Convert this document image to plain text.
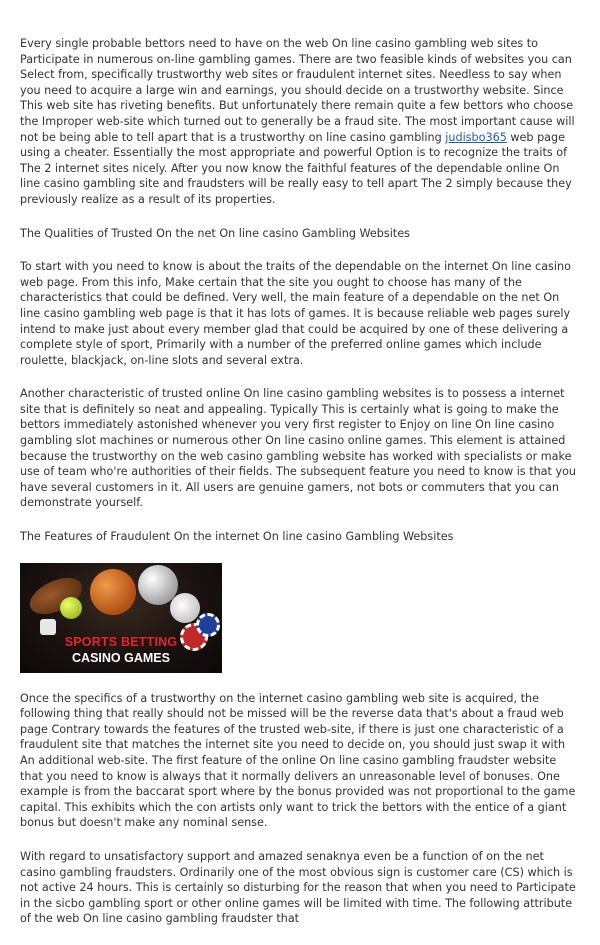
Every single probable bettors need to have on the web On line casino gambling web sites to Participate in numerous on-line gambling games. There are two feasible kinds of websites you can Select from, specifically trustworthy web sites or fraudulent internet sites. Needless to say when you need to acquire a large win and earnings, you should decide on a trustworthy website. Since This web site has riveting benefits. But unfortunately there remain quite a few bettors who choose the Improper web-site which turned out to generally be a fraud site. The most important cause will not be being able to tell apart that is a trustworthy on line casino gambling judisbo365 web page using a cheater. Essentially the most appropriate and powerful Option is to recognize the traits of The 2 internet sites nicely. After you now know the faithful features of the dependable online On line casino gambling site and fraudsters will be really easy to tell apart The 2 simply because they previously realize as a result of its properties.

The Qualities of Trusted On the net On line casino Gambling Websites

To start with you need to know is about the traits of the dependable on the internet On line casino web page. From this info, Make certain that the site you ought to choose has many of the characteristics that could be defined. Very well, the main feature of a dependable on the net On line casino gambling web page is that it has lots of games. It is because reliable web pages surely intend to make just about every member glad that could be acquired by one of these delivering a complete style of sport, Primarily with a number of the preferred online games which include roulette, blackjack, on-line slots and several extra.

Another characteristic of trusted online On line casino gambling websites is to possess a internet site that is definitely so neat and appealing. Typically This is certainly what is going to make the bettors immediately astonished whenever you very first register to Enjoy on line On line casino gambling slot machines or numerous other On line casino online games. This element is attained because the trustworthy on the web casino gambling website has worked with specialists or make use of team who're authorities of their fields. The subsequent feature you need to know is that you have several customers in it. All users are genuine gamers, not bots or commuters that you can demonstrate yourself.

The Features of Fraudulent On the internet On line casino Gambling Websites

SPORTS BETTING
CASINO GAMES

Once the specifics of a trustworthy on the internet casino gambling web site is acquired, the following thing that really should not be missed will be the reverse data that's about a fraud web page Contrary towards the features of the trusted web-site, if there is just one characteristic of a fraudulent site that matches the internet site you need to decide on, you should just swap it with An additional web-site. The first feature of the online On line casino gambling fraudster website that you need to know is always that it normally delivers an unreasonable level of bonuses. One example is from the baccarat sport where by the bonus provided was not proportional to the game capital. This exhibits which the con artists only want to trick the bettors with the entice of a giant bonus but doesn't make any nominal sense.

With regard to unsatisfactory support and amazed senaknya even be a function of on the net casino gambling fraudsters. Ordinarily one of the most obvious sign is customer care (CS) which is not active 24 hours. This is certainly so disturbing for the reason that when you need to Participate in the sicbo gambling sport or other online games will be limited with time. The following attribute of the web On line casino gambling fraudster that
